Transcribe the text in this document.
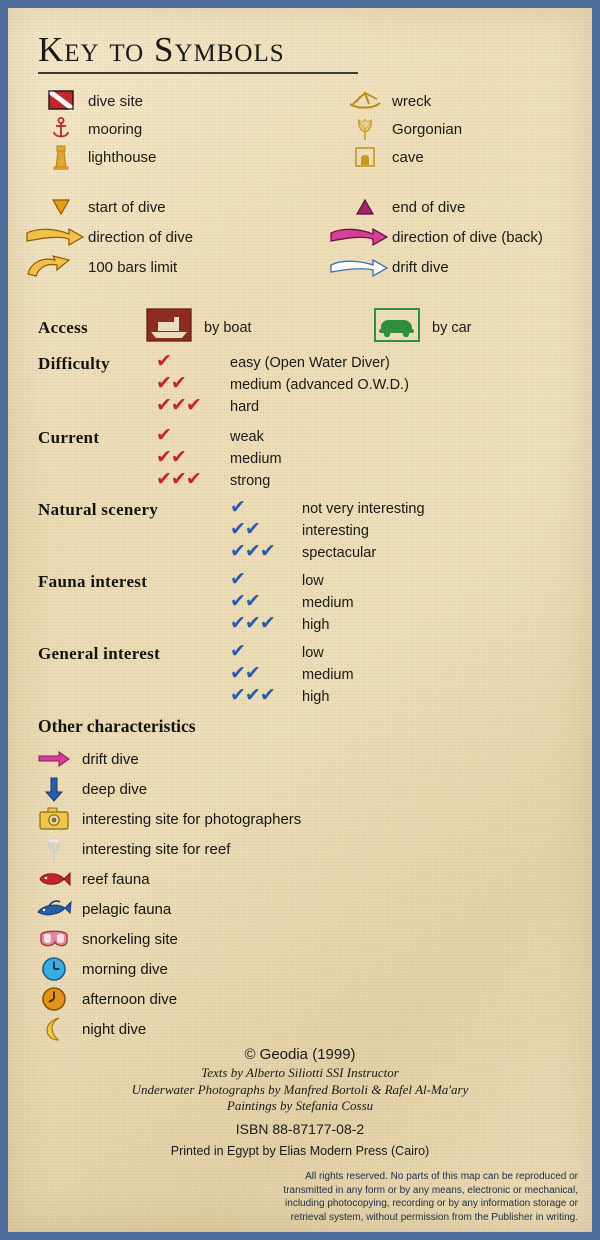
Key to Symbols
dive site
mooring
lighthouse
wreck
Gorgonian
cave
start of dive
direction of dive
100 bars limit
end of dive
direction of dive (back)
drift dive
Access	by boat	by car
Difficulty ✔	easy (Open Water Diver)
✔✔	medium (advanced O.W.D.)
✔✔✔ hard
Current	✔	weak
✔✔	medium
✔✔✔ strong
Natural scenery	✔	not very interesting
✔✔	interesting
✔✔✔ spectacular
Fauna interest	✔	low
✔✔	medium
✔✔✔ high
General interest	✔	low
✔✔	medium
✔✔✔ high
Other characteristics
drift dive
deep dive
interesting site for photographers
interesting site for reef
reef fauna
pelagic fauna
snorkeling site
morning dive
afternoon dive
night dive
© Geodia (1999)
Texts by Alberto Siliotti SSI Instructor
Underwater Photographs by Manfred Bortoli & Rafel Al-Ma'ary
Paintings by Stefania Cossu
ISBN 88-87177-08-2
Printed in Egypt by Elias Modern Press (Cairo)
All rights reserved. No parts of this map can be reproduced or transmitted in any form or by any means, electronic or mechanical, including photocopying, recording or by any information storage or retrieval system, without permission from the Publisher in writing.
